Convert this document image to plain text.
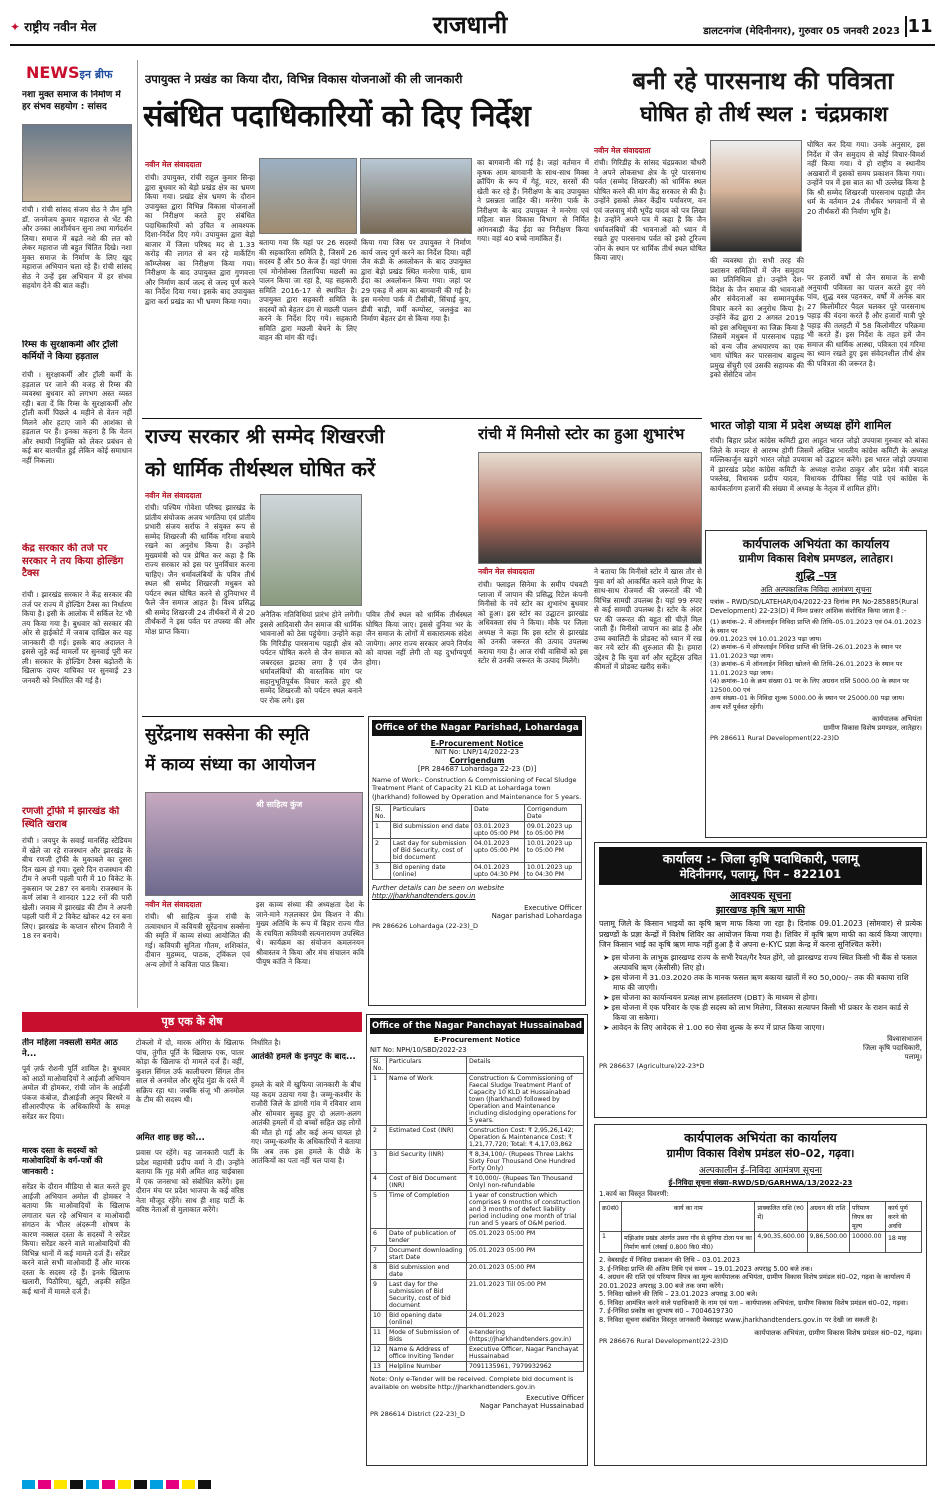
✦ राष्ट्रीय नवीन मेल	राजधानी	डालटनगंज (मेदिनीनगर), गुरुवार 05 जनवरी 2023 11
NEWSइन ब्रीफ
नशा मुक्त समाज के निर्माण में हर संभव सहयोग : सांसद
रांची । रांची सांसद संजय सेठ ने जैन मुनि डॉ. जनमेजय कुमार महाराज से भेंट की और उनका आशीर्वचन सुना तथा मार्गदर्शन लिया। समाज में बढ़ते नशे की लत को लेकर महाराज जी बहुत चिंतित दिखे। नशा मुक्त समाज के निर्माण के लिए खुद महाराज अभियान चला रहे हैं। रांची सांसद सेठ ने उन्हें इस अभियान में हर संभव सहयोग देने की बात कही।
रिम्स के सुरक्षाकर्मी और ट्रॉली कर्मियों ने किया हड़ताल
रांची । सुरक्षाकर्मी और ट्रॉली कर्मी के हड़ताल पर जाने की वजह से रिम्स की व्यवस्था बुधवार को लगभग अस्त व्यस्त रही। बता दें कि रिम्स के सुरक्षाकर्मी और ट्रॉली कर्मी पिछले 4 महीने से वेतन नहीं मिलने और हटाए जाने की आशंका से हड़ताल पर हैं। इनका कहना है कि वेतन और स्थायी नियुक्ति को लेकर प्रबंधन से कई बार बातचीत हुई लेकिन कोई समाधान नहीं निकला।
केंद्र सरकार की तर्ज पर सरकार ने तय किया होल्डिंग टैक्स
रांची । झारखंड सरकार ने केंद्र सरकार की तर्ज पर राज्य में होल्डिंग टैक्स का निर्धारण किया है। इसी के आलोक में सर्किल रेट भी तय किया गया है। बुधवार को सरकार की ओर से हाईकोर्ट में जवाब दाखिल कर यह जानकारी दी गई। इसके बाद अदालत ने इससे जुड़े कई मामलों पर सुनवाई पूरी कर ली। सरकार के होल्डिंग टैक्स बढ़ोतरी के खिलाफ दायर याचिका पर सुनवाई 23 जनवरी को निर्धारित की गई है।
रणजी ट्रॉफी में झारखंड की स्थिति खराब
रांची । जयपुर के सवाई मानसिंह स्टेडियम में खेले जा रहे राजस्थान और झारखंड के बीच रणजी ट्रॉफी के मुकाबले का दूसरा दिन खत्म हो गया। दूसरे दिन राजस्थान की टीम ने अपनी पहली पारी में 10 विकेट के नुकसान पर 287 रन बनाये। राजस्थान के कर्ण लांबा ने शानदार 122 रनों की पारी खेली। जवाब में झारखंड की टीम ने अपनी पहली पारी में 2 विकेट खोकर 42 रन बना लिए। झारखंड के कप्तान सौरभ तिवारी ने 18 रन बनाये।
उपायुक्त ने प्रखंड का किया दौरा, विभिन्न विकास योजनाओं की ली जानकारी
संबंधित पदाधिकारियों को दिए निर्देश
नवीन मेल संवाददाता
रांची। उपायुक्त, रांची राहुल कुमार सिन्हा द्वारा बुधवार को बेड़ो प्रखंड क्षेत्र का भ्रमण किया गया। प्रखंड क्षेत्र भ्रमण के दौरान उपायुक्त द्वारा विभिन्न विकास योजनाओं का निरीक्षण करते हुए संबंधित पदाधिकारियों को उचित व आवश्यक दिशा-निर्देश दिए गये। उपायुक्त द्वारा बेड़ो बाजार में जिला परिषद मद से 1.33 करोड़ की लागत से बन रहे मार्केटिंग कॉम्प्लेक्स का निरीक्षण किया गया। निरीक्षण के बाद उपायुक्त द्वारा गुणवत्ता और निर्माण कार्य जल्द से जल्द पूर्ण करने का निर्देश दिया गया। इसके बाद उपायुक्त द्वारा कर्रा प्रखंड का भी भ्रमण किया गया।
बताया गया कि यहां पर 26 सदस्यों की सहकारिता समिति है, जिसमें 26 सदस्य हैं और 50 केज हैं। वहां पंगास एवं मोनोसेक्स तिलापिया मछली का पालन किया जा रहा है, यह सहकारी समिति 2016-17 से स्थापित है। उपायुक्त द्वारा सहकारी समिति के सदस्यों को बेहतर ढंग से मछली पालन करने के निर्देश दिए गये। सहकारी समिति द्वारा मछली बेचने के लिए वाहन की मांग की गई।
किया गया जिस पर उपायुक्त ने निर्माण कार्य जल्द पूर्ण करने का निर्देश दिया। वहीं जैव कंडी के अवलोकन के बाद उपायुक्त द्वारा बेड़ो प्रखंड स्थित मनरेगा पार्क, ग्राम ईदा का अवलोकन किया गया। जहां पर 29 एकड़ में आम का बागवानी की गई है। इस मनरेगा पार्क में टीसीबी, सिंचाई कूप, डीवी बाड़ी, वर्मी कम्पोस्ट, जलकुंड का निर्माण बेहतर ढंग से किया गया है।
का बागवानी की गई है। जहां वर्तमान में कृषक आम बागवानी के साथ-साथ मिक्स क्रॉपिंग के रूप में गेहूं, मटर, सरसों की खेती कर रहे हैं। निरीक्षण के बाद उपायुक्त ने प्रसन्नता जाहिर की। मनरेगा पार्क के निरीक्षण के बाद उपायुक्त ने मनरेगा एवं महिला बाल विकास विभाग से निर्मित आंगनबाड़ी केंद्र ईदा का निरीक्षण किया गया। वहां 40 बच्चे नामांकित हैं।
बनी रहे पारसनाथ की पवित्रता
घोषित हो तीर्थ स्थल : चंद्रप्रकाश
नवीन मेल संवाददाता
रांची। गिरिडीह के सांसद चंद्रप्रकाश चौधरी ने अपने लोकसभा क्षेत्र के पूरे पारसनाथ पर्वत (सम्मेद शिखरजी) को धार्मिक स्थल घोषित करने की मांग केंद्र सरकार से की है। उन्होंने इसको लेकर केंद्रीय पर्यावरण, वन एवं जलवायु मंत्री भूपेंद्र यादव को पत्र लिखा है। उन्होंने अपने पत्र में कहा है कि जैन धर्मावलंबियों की भावनाओं को ध्यान में रखते हुए पारसनाथ पर्वत को इको टूरिज्म जोन के स्थान पर धार्मिक तीर्थ स्थल घोषित किया जाए।
घोषित कर दिया गया। उनके अनुसार, इस निर्देश में जैन समुदाय से कोई विचार-विमर्श नहीं किया गया। ये हो राष्ट्रीय व स्थानीय अखबारों में इसको समय प्रकाशन किया गया। उन्होंने पत्र में इस बात का भी उल्लेख किया है कि श्री सम्मेद शिखरजी पारसनाथ पहाड़ी जैन धर्म के वर्तमान 24 तीर्थंकर भगवानों में से 20 तीर्थंकरों की निर्वाण भूमि है।
की व्यवस्था हो। सभी तरह की प्रशासन समितियों में जैन समुदाय का प्रतिनिधित्व हो। उन्होंने देश-विदेश के जैन समाज की भावनाओं और संवेदनाओं का सम्मानपूर्वक विचार करने का अनुरोध किया है। उन्होंने केंद्र द्वारा 2 अगस्त 2019 को इस अधिसूचना का जिक्र किया है जिसमें मधुबन में पारसनाथ पहाड़ को वन्य जीव अभयारण्य का एक भाग घोषित कर पारसनाथ बाहुल्य प्रमुख सेंचुरी एवं उसकी सहायक की इको सेंसेटिव जोन
पर हजारों वर्षों से जैन समाज के सभी अनुयायी पवित्रता का पालन करते हुए नंगे पांव, शुद्ध वस्त्र पहनकर, वर्षों में अनेक बार 27 किलोमीटर पैदल चलकर पूरे पारसनाथ पहाड़ की वंदना करते हैं और हजारों यात्री पूरे पहाड़ की तलहटी में 58 किलोमीटर परिक्रमा भी करते हैं। इस निर्देश के तहत हमें जैन समाज की धार्मिक आस्था, पवित्रता एवं गरिमा का ध्यान रखते हुए इस संवेदनशील तीर्थ क्षेत्र की पवित्रता की जरूरत है।
भारत जोड़ो यात्रा में प्रदेश अध्यक्ष होंगे शामिल
रांची। बिहार प्रदेश कांग्रेस कमिटी द्वारा आहूत भारत जोड़ो उपयात्रा गुरुवार को बांका जिले के मन्दार से आरम्भ होगी जिसमें अखिल भारतीय कांग्रेस कमिटी के अध्यक्ष मल्लिकार्जुन खड़गे भारत जोड़ो उपयात्रा को उद्घाटन करेंगे। इस भारत जोड़ो उपयात्रा में झारखंड प्रदेश कांग्रेस कमिटी के अध्यक्ष राजेश ठाकुर और प्रदेश मंत्री बादल पत्रलेख, विधायक प्रदीप यादव, विधायक दीपिका सिंह पांडे एवं कांग्रेस के कार्यकर्तागण हजारों की संख्या में अध्यक्ष के नेतृत्व में शामिल होंगे।
राज्य सरकार श्री सम्मेद शिखरजी
को धार्मिक तीर्थस्थल घोषित करें
नवीन मेल संवाददाता
रांची। पश्चिम गोवेशा परिषद झारखंड के प्रांतीय संयोजक अजय भगतिया एवं प्रांतीय प्रभारी संजय सर्राफ ने संयुक्त रूप से सम्मेद शिखरजी की धार्मिक गरिमा बचाये रखने का अनुरोध किया है। उन्होंने मुख्यमंत्री को पत्र प्रेषित कर कहा है कि राज्य सरकार को इस पर पुनर्विचार करना चाहिए। जैन धर्मावलंबियों के पवित्र तीर्थ स्थल श्री सम्मेद शिखरजी मधुबन को पर्यटन स्थल घोषित करने से दुनियाभर में फैले जैन समाज आहत है। विश्व प्रसिद्ध श्री सम्मेद शिखरजी 24 तीर्थंकरों में से 20 तीर्थंकरों ने इस पर्वत पर तपस्या की और मोक्ष प्राप्त किया।
अनैतिक गतिविधियां प्रारंभ होने लगेंगी। इससे आदिवासी जैन समाज की धार्मिक भावनाओं को ठेस पहुंचेगा। उन्होंने कहा कि गिरिडीह पारसनाथ पहाड़ी क्षेत्र को पर्यटन घोषित करने से जैन समाज को जबरदस्त झटका लगा है एवं जैन धर्मावलंबियों की वास्तविक मांग पर सहानुभूतिपूर्वक विचार करते हुए श्री सम्मेद शिखरजी को पर्यटन स्थल बनाने पर रोक लगे। इस
पवित्र तीर्थ स्थल को धार्मिक तीर्थस्थल घोषित किया जाए। इससे दुनिया भर के जैन समाज के लोगों में सकारात्मक संदेश जायेगा। अगर राज्य सरकार अपने निर्णय को वापस नहीं लेगी तो यह दुर्भाग्यपूर्ण होगा।
रांची में मिनीसो स्टोर का हुआ शुभारंभ
नवीन मेल संवाददाता
रांची। फ्लाइल सिनेमा के समीप पंचवटी प्लाजा में जापान की प्रसिद्ध रिटेल कंपनी मिनीसो के नये स्टोर का शुभारंभ बुधवार को हुआ। इस स्टोर का उद्घाटन झारखंड अधिवक्ता संघ ने किया। मौके पर जिला अध्यक्ष ने कहा कि इस स्टोर से झारखंड को उनकी जरूरत की उत्पाद उपलब्ध कराया गया है। आज रांची वासियों को इस स्टोर से उनकी जरूरत के उत्पाद मिलेंगे।
ने बताया कि मिनीसो स्टोर में खास तौर से युवा वर्ग को आकर्षित करने वाले गिफ्ट के साथ-साथ रोजमर्रा की जरूरतों की भी विभिन्न सामग्री उपलब्ध है। यहां 99 रुपए से कई सामग्री उपलब्ध है। स्टोर के अंदर घर की जरूरत की बहुत सी चीज़ें मिल जाती हैं। मिनीसो जापान का ब्रांड है और उच्च क्वालिटी के प्रोडक्ट को ध्यान में रख कर नये स्टोर की शुरुआत की है। हमारा उद्देश्य है कि युवा वर्ग और स्टूडेंट्स उचित कीमतों में प्रोडक्ट खरीद सकें।
सुरेंद्रनाथ सक्सेना की स्मृति
में काव्य संध्या का आयोजन
श्री साहित्य कुंज
नवीन मेल संवाददाता
रांची। श्री साहित्य कुंज रांची के तत्वावधान में कवियत्री सुरेंद्रनाथ सक्सेना की स्मृति में काव्य संध्या आयोजित की गई। कवियत्री सुनिता गौतम, शशिकांत, दीवान मुहम्मद, पाठक, ट्विंकल एवं अन्य लोगों ने कविता पाठ किया।
इस काव्य संध्या की अध्यक्षता देश के जाने-माने गज़लकार प्रेम किशन ने की। मुख्य अतिथि के रूप में बिहार राज्य गीत के रचयिता कवियत्री सत्यनारायण उपस्थित थे। कार्यक्रम का संयोजन कमलनयन श्रीवास्तव ने किया और मंच संचालन कवि पीयूष कांति ने किया।
Office of the Nagar Parishad, Lohardaga
E-Procurement Notice
NIT No: LNP/14/2022-23
Corrigendum
[PR 284687 Lohardaga 22-23 (D)]
Name of Work:- Construction & Commissioning of Fecal Sludge Treatment Plant of Capacity 21 KLD at Lohardaga town (Jharkhand) followed by Operation and Maintenance for 5 years.
Sl. No.	Particulars	Date	Corrigendum Date
1	Bid submission end date	03.01.2023 upto 05:00 PM	09.01.2023 up to 05:00 PM
2	Last day for submission of Bid Security, cost of bid document	04.01.2023 upto 05:00 PM	10.01.2023 up to 05:00 PM
3	Bid opening date (online)	04.01.2023 upto 04:30 PM	10.01.2023 up to 04:30 PM
Further details can be seen on website
http://jharkhandtenders.gov.in
Executive Officer
Nagar parishad Lohardaga
PR 286626 Lohardaga (22-23)_D
कार्यपालक अभियंता का कार्यालय
ग्रामीण विकास विशेष प्रमण्डल, लातेहार।
शुद्धि –पत्र
अति अल्पकालिक निविदा आमंत्रण सूचना
पत्रांक – RWD/SD/LATEHAR/04/2022-23 दिनांक PR No-285885(Rural Development) 22-23(D) में निम्न प्रकार आंशिक संशोधित किया जाता है :-
(1) क्रमांक–2. में ऑनलाईन निविदा प्राप्ति की तिथि–05.01.2023 एवं 04.01.2023 के स्थान पर
09.01.2023 एवं 10.01.2023 पढ़ा जाय।
(2) क्रमांक–6 में ऑफलाईन निविदा प्राप्ति की तिथि–26.01.2023 के स्थान पर 11.01.2023 पढ़ा जाय।
(3) क्रमांक–6 में ऑनलाईन निविदा खोलने की तिथि–26.01.2023 के स्थान पर 11.01.2023 पढ़ा जाय।
(4) क्रमांक–10 के क्रम संख्या 01 पर के लिए अग्रधन राशि 5000.00 के स्थान पर 12500.00 एवं
अन्य संख्या–01 के निविदा शुल्क 5000.00 के स्थान पर 25000.00 पढ़ा जाय।
अन्य शर्तें पूर्ववत रहेंगी।
कार्यपालक अभियंता
ग्रामीण विकास विशेष प्रमण्डल, लातेहार।
PR 286611 Rural Development(22-23)D
कार्यालय :- जिला कृषि पदाधिकारी, पलामू
मेदिनीनगर, पलामू, पिन – 822101
आवश्यक सूचना
झारखण्ड कृषि ऋण माफी
पलामू जिले के किसान भाइयों का कृषि ऋण माफ किया जा रहा है। दिनांक 09.01.2023 (सोमवार) से प्रत्येक प्रखण्डों के प्रज्ञा केन्द्रों में विशेष शिविर का आयोजन किया गया है। शिविर में कृषि ऋण माफी का कार्य किया जाएगा। जिन किसान भाई का कृषि ऋण माफ नहीं हुआ है वे अपना e-KYC प्रज्ञा केन्द्र में करना सुनिश्चित करेंगे।
➤ इस योजना के लाभुक झारखण्ड राज्य के सभी रैयत/गैर रैयत होंगे, जो झारखण्ड राज्य स्थित किसी भी बैंक से फसल अल्पावधि ऋण (केसीसी) लिए हो।
➤ इस योजना में 31.03.2020 तक के मानक फसल ऋण बकाया खातों में रु0 50,000/– तक की बकाया राशि माफ की जाएगी।
➤ इस योजना का कार्यान्वयन प्रत्यक्ष लाभ हस्तांतरण (DBT) के माध्यम से होगा।
➤ इस योजना में एक परिवार के एक ही सदस्य को लाभ मिलेगा, जिसका सत्यापन किसी भी प्रकार के राशन कार्ड से किया जा सकेगा।
➤ आवेदन के लिए आवेदक से 1.00 रु0 सेवा शुल्क के रूप में प्राप्त किया जाएगा।
विश्वासभाजन
जिला कृषि पदाधिकारी,
पलामू।
PR 286637 (Agriculture)22-23*D
पृष्ठ एक के शेष
तीन महिला नक्सली समेत आठ ने...
पूर्व ज़र्फ रोशनी पूर्ति शामिल है। बुधवार को आठों माओवादियों ने आईजी अभियान अमोल वी होमकर, रांची जोन के आईजी पंकज कंबोज, डीआईजी अनूप बिरथरे व सीआरपीएफ के अधिकारियों के समक्ष सरेंडर कर दिया।
मारक दस्ता के सदस्यों को माओवादियों के वर्ग-पत्रों की जानकारी :
सरेंडर के दौरान मीडिया से बात करते हुए आईजी अभियान अमोल वी होमकर ने बताया कि माओवादियों के खिलाफ लगातार चल रहे अभियान व माओवादी संगठन के भीतर अंदरूनी शोषण के कारण नक्सल दस्ता के सदस्यों ने सरेंडर किया। सरेंडर करने वाले माओवादियों की विभिन्न थानों में कई मामले दर्ज हैं। सरेंडर करने वाले सभी माओवादी हैं और मारक दस्ता के सदस्य रहे हैं। इनके खिलाफ खलारी, पिठौरिया, खूंटी, अड़की सहित कई थानों में मामले दर्ज हैं।
टोकलो में दो, मारक अंगिरा के खिलाफ पांच, तुंगीत पूर्ति के खिलाफ एक, पातर कोड़ा के खिलाफ दो मामले दर्ज हैं। वहीं, कुशल सिंगल उर्फ कालीचरण सिंगल तीन साल से अनमोल और सुरेंद्र मुंडा के दस्ते में सक्रिय रहा था। जबकि संजू भी अनमोल के टीम की सदस्य थी।
अमित शाह छह को...
प्रवास पर रहेंगे। यह जानकारी पार्टी के प्रदेश महामंत्री प्रदीप वर्मा ने दी। उन्होंने बताया कि गृह मंत्री अमित शाह चाईबासा में एक जनसभा को संबोधित करेंगे। इस दौरान मंच पर प्रदेश भाजपा के कई वरिष्ठ नेता मौजूद रहेंगे। साथ ही शाह पार्टी के वरिष्ठ नेताओं से मुलाकात करेंगे।
निर्धारित है।
आतंकी हमले के इनपुट के बाद...
हमले के बारे में खुफिया जानकारी के बीच यह कदम उठाया गया है। जम्मू-कश्मीर के राजौरी जिले के डांगरी गांव में रविवार शाम और सोमवार सुबह हुए दो अलग-अलग आतंकी हमलों में दो बच्चों सहित छह लोगों की मौत हो गई और कई अन्य घायल हो गए। जम्मू-कश्मीर के अधिकारियों ने बताया कि अब तक इस हमले के पीछे के आतंकियों का पता नहीं चल पाया है।
Office of the Nagar Panchayat Hussainabad
E-Procurement Notice
NIT No: NPH/10/SBD/2022-23
Sl. No.	Particulars	Details
1	Name of Work	Construction & Commissioning of Faecal Sludge Treatment Plant of Capacity 10 KLD at Hussainabad town (Jharkhand) followed by Operation and Maintenance including dislodging operations for 5 years.
2	Estimated Cost (INR)	Construction Cost: ₹ 2,95,26,142; Operation & Maintenance Cost: ₹ 1,21,77,720; Total: ₹ 4,17,03,862
3	Bid Security (INR)	₹ 8,34,100/- (Rupees Three Lakhs Sixty Four Thousand One Hundred Forty Only)
4	Cost of Bid Document (INR)	₹ 10,000/- (Rupees Ten Thousand Only) non-refundable
5	Time of Completion	1 year of construction which comprises 9 months of construction and 3 months of defect liability period including one month of trial run and 5 years of O&M period.
6	Date of publication of tender	05.01.2023 05:00 PM
7	Document downloading start Date	05.01.2023 05:00 PM
8	Bid submission end date	20.01.2023 05:00 PM
9	Last day for the submission of Bid Security, cost of bid document	21.01.2023 Till 05:00 PM
10	Bid opening date (online)	24.01.2023
11	Mode of Submission of Bids	e-tendering (https://jharkhandtenders.gov.in)
12	Name & Address of office Inviting Tender	Executive Officer, Nagar Panchayat Hussainabad
13	Helpline Number	7091135961, 7979932962
Note: Only e-Tender will be received. Complete bid document is available on website http://jharkhandtenders.gov.in
Executive Officer
Nagar Panchayat Hussainabad
PR 286614 District (22-23)_D
कार्यपालक अभियंता का कार्यालय
ग्रामीण विकास विशेष प्रमंडल सं0–02, गढ़वा।
अल्पकालीन ई–निविदा आमंत्रण सूचना
ई–निविदा सूचना संख्या–RWD/SD/GARHWA/13/2022-23
1.कार्य का विस्तृत विवरणी:
क्र0सं0	कार्य का नाम	प्राक्कलित राशि (रु0 में)	अग्रधन की राशि	परिमाण विपत्र का मूल्य	कार्य पूर्ण करने की अवधि
1	मझिआंव प्रखंड अंतर्गत उसरा गाँव से सुगिया टोला पथ का निर्माण कार्य (लंबाई 0.800 कि0 मी0)	4,90,35,600.00	9,86,500.00	10000.00	18 माह
2. वेबसाईट में निविदा प्रकाशन की तिथि – 03.01.2023
3. ई-निविदा प्राप्ति की अंतिम तिथि एवं समय – 19.01.2023 अपराह्न 5.00 बजे तक।
4. अग्रधन की राशि एवं परिमाण विपत्र का मूल्य कार्यपालक अभियंता, ग्रामीण विकास विशेष प्रमंडल सं0–02, गढ़वा के कार्यालय में 20.01.2023 अपराह्न 3.00 बजे तक जमा करेंगे।
5. निविदा खोलने की तिथि – 23.01.2023 अपराह्न 3.00 बजे।
6. निविदा आमंत्रित करने वाले पदाधिकारी के नाम एवं पता – कार्यपालक अभियंता, ग्रामीण विकास विशेष प्रमंडल सं0–02, गढ़वा।
7. ई-निविदा प्रकोष्ठ का दूरभाष सं0 – 7004619730
8. निविदा सूचना संबंधित विस्तृत जानकारी वेबसाइट www.jharkhandtenders.gov.in पर देखी जा सकती है।
कार्यपालक अभियंता, ग्रामीण विकास विशेष प्रमंडल सं0–02, गढ़वा।
PR 286676 Rural Development(22-23)D
